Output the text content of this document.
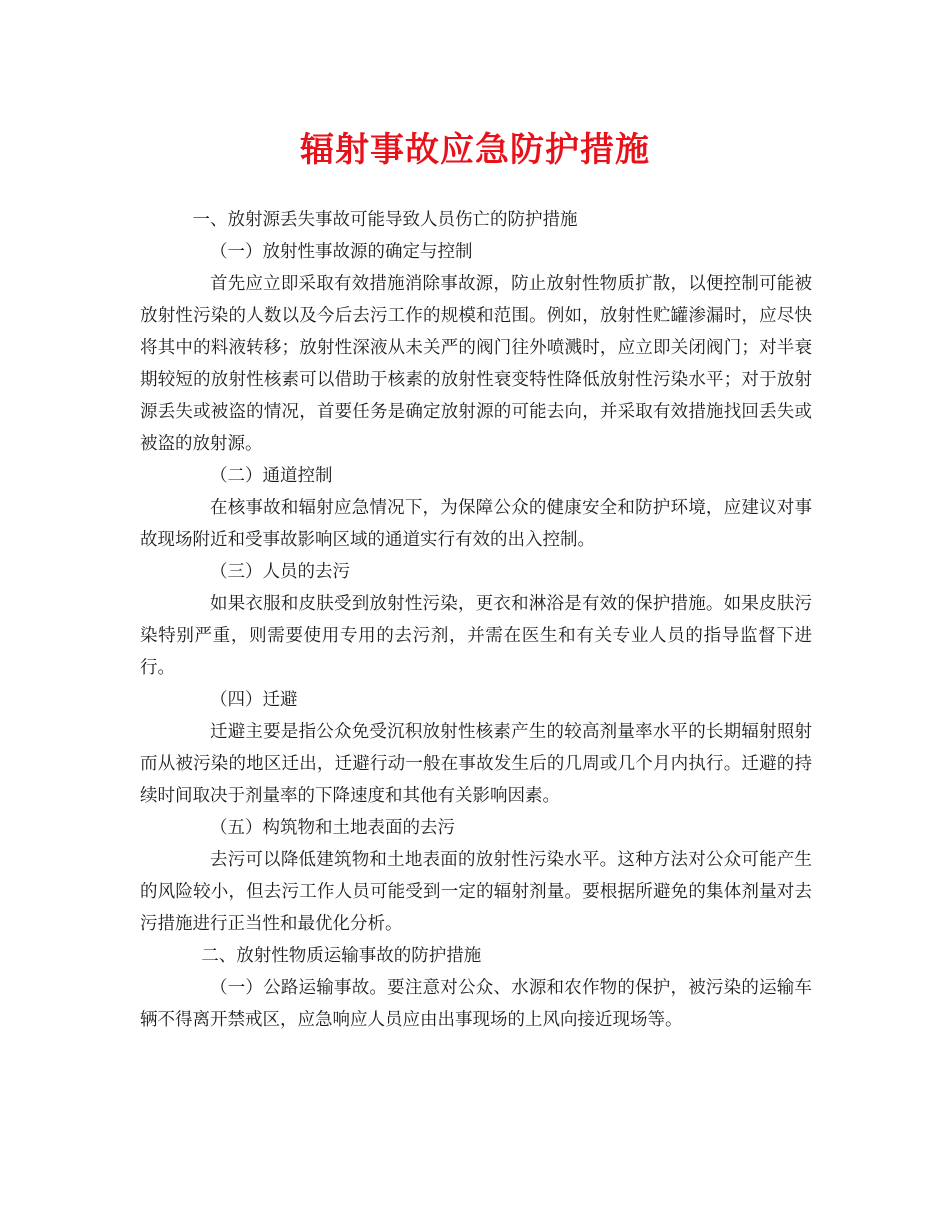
辐射事故应急防护措施

一、放射源丢失事故可能导致人员伤亡的防护措施

（一）放射性事故源的确定与控制

首先应立即采取有效措施消除事故源，防止放射性物质扩散，以便控制可能被放射性污染的人数以及今后去污工作的规模和范围。例如，放射性贮罐渗漏时，应尽快将其中的料液转移；放射性深液从未关严的阀门往外喷溅时，应立即关闭阀门；对半衰期较短的放射性核素可以借助于核素的放射性衰变特性降低放射性污染水平；对于放射源丢失或被盗的情况，首要任务是确定放射源的可能去向，并采取有效措施找回丢失或被盗的放射源。

（二）通道控制

在核事故和辐射应急情况下，为保障公众的健康安全和防护环境，应建议对事故现场附近和受事故影响区域的通道实行有效的出入控制。

（三）人员的去污

如果衣服和皮肤受到放射性污染，更衣和淋浴是有效的保护措施。如果皮肤污染特别严重，则需要使用专用的去污剂，并需在医生和有关专业人员的指导监督下进行。

（四）迁避

迁避主要是指公众免受沉积放射性核素产生的较高剂量率水平的长期辐射照射而从被污染的地区迁出，迁避行动一般在事故发生后的几周或几个月内执行。迁避的持续时间取决于剂量率的下降速度和其他有关影响因素。

（五）构筑物和土地表面的去污

去污可以降低建筑物和土地表面的放射性污染水平。这种方法对公众可能产生的风险较小，但去污工作人员可能受到一定的辐射剂量。要根据所避免的集体剂量对去污措施进行正当性和最优化分析。

二、放射性物质运输事故的防护措施

（一）公路运输事故。要注意对公众、水源和农作物的保护，被污染的运输车辆不得离开禁戒区，应急响应人员应由出事现场的上风向接近现场等。
